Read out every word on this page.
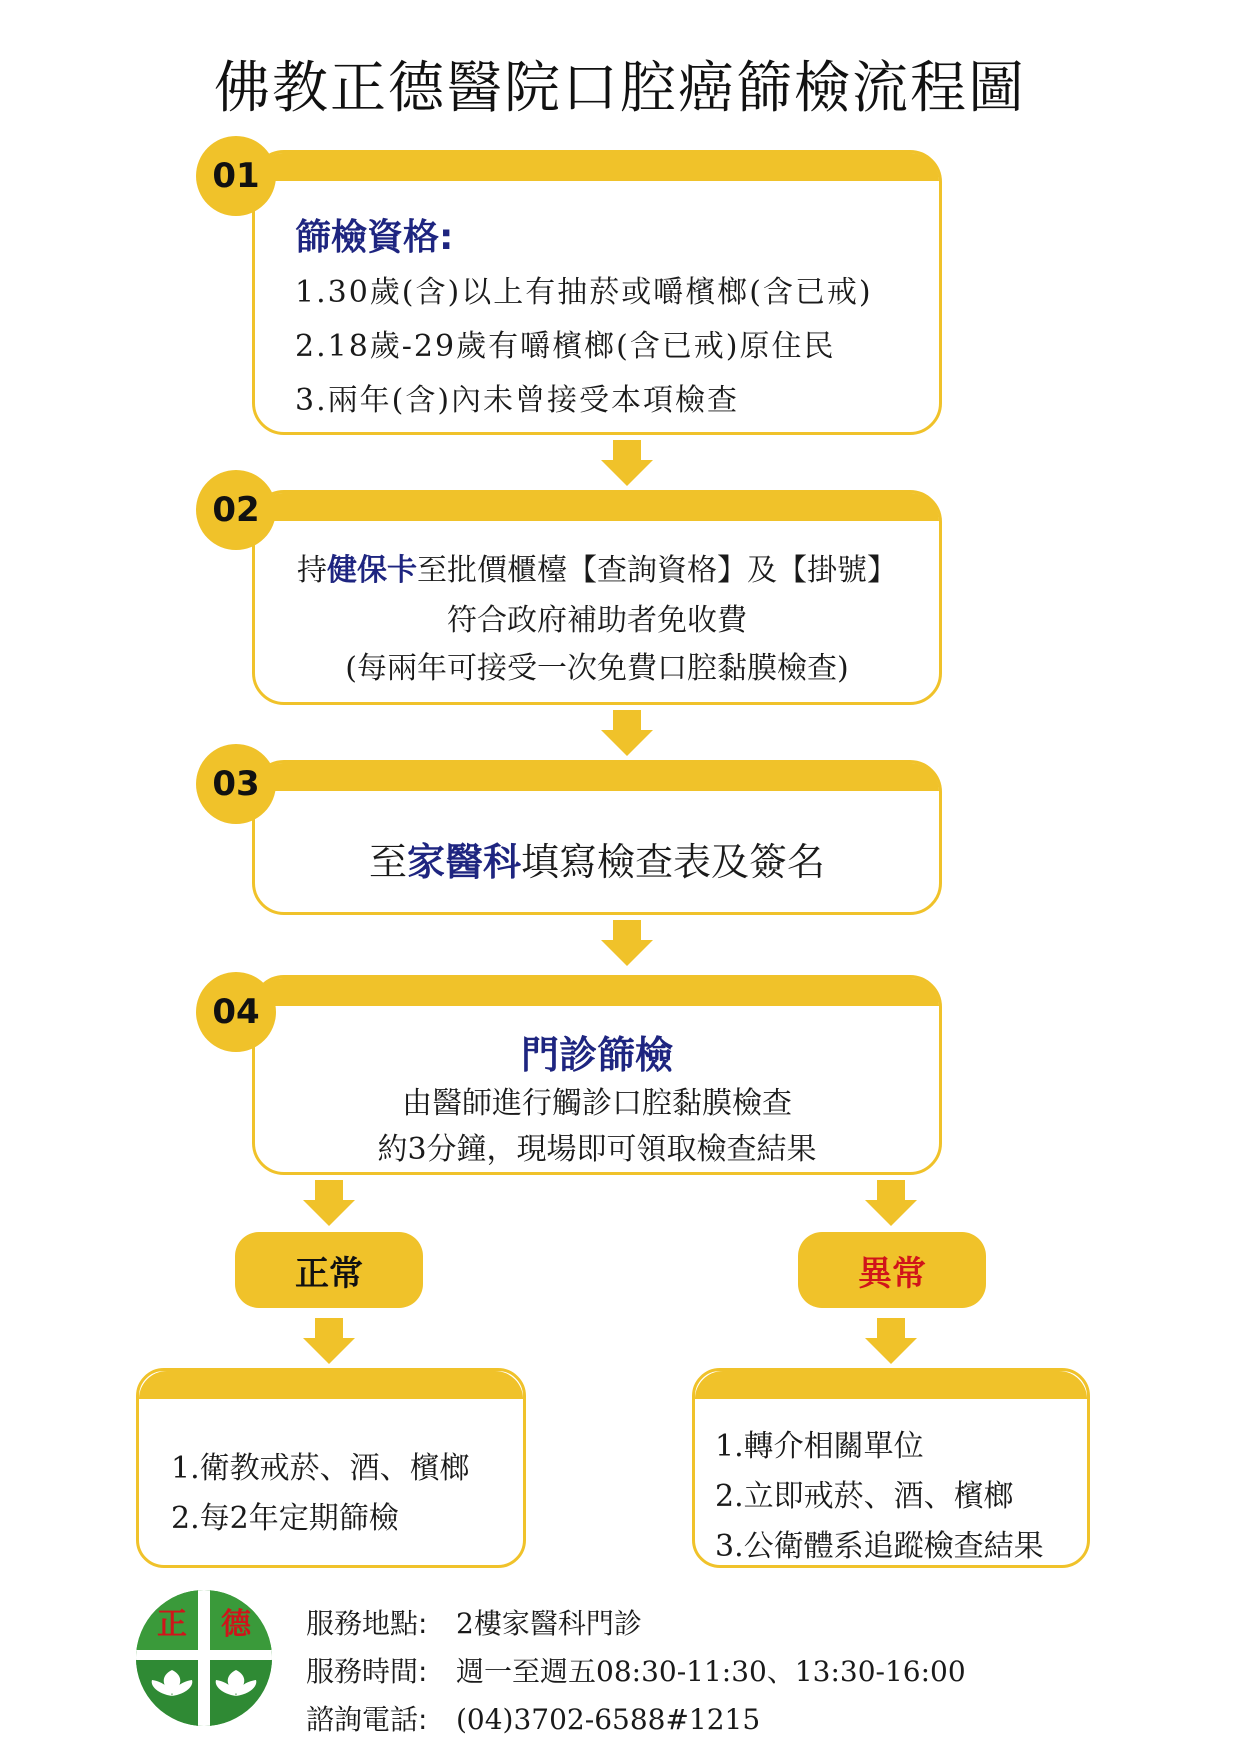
佛教正德醫院口腔癌篩檢流程圖
篩檢資格:
1.30歲(含)以上有抽菸或嚼檳榔(含已戒)
2.18歲-29歲有嚼檳榔(含已戒)原住民
3.兩年(含)內未曾接受本項檢查
01
持健保卡至批價櫃檯【查詢資格】及【掛號】
符合政府補助者免收費
(每兩年可接受一次免費口腔黏膜檢查)
02
至家醫科填寫檢查表及簽名
03
門診篩檢
由醫師進行觸診口腔黏膜檢查
約3分鐘，現場即可領取檢查結果
04
正常	異常
1.衛教戒菸、酒、檳榔
2.每2年定期篩檢
1.轉介相關單位
2.立即戒菸、酒、檳榔
3.公衛體系追蹤檢查結果
正 德 服務地點: 2樓家醫科門診
服務時間: 週一至週五08:30-11:30、13:30-16:00
諮詢電話: (04)3702-6588#1215
